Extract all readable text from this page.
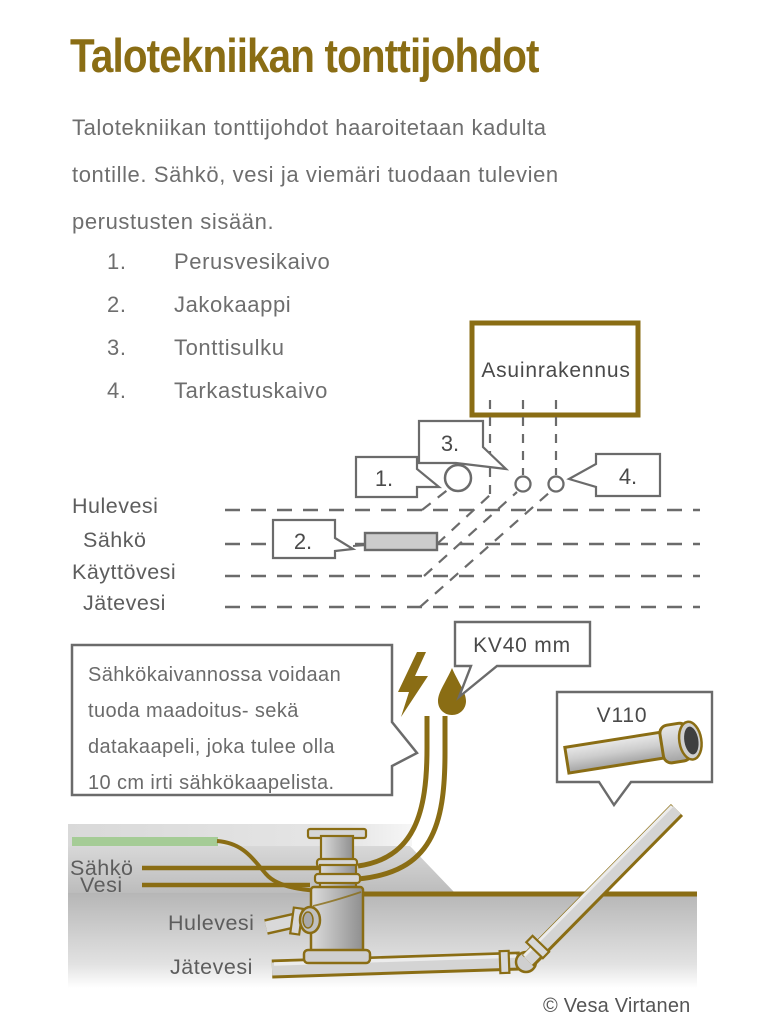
Asuinrakennus
Hulevesi
Sähkö
Käyttövesi
Jätevesi
1.
2.
3.
4.
Sähkö
Vesi
Hulevesi
Jätevesi
KV40 mm
V110
Talotekniikan tonttijohdot
Talotekniikan tonttijohdot haaroitetaan kadulta
tontille. Sähkö, vesi ja viemäri tuodaan tulevien
perustusten sisään.
1.	Perusvesikaivo
2.	Jakokaappi
3.	Tonttisulku
4.	Tarkastuskaivo
Sähkökaivannossa voidaan
tuoda maadoitus- sekä
datakaapeli, joka tulee olla
10 cm irti sähkökaapelista.
© Vesa Virtanen
